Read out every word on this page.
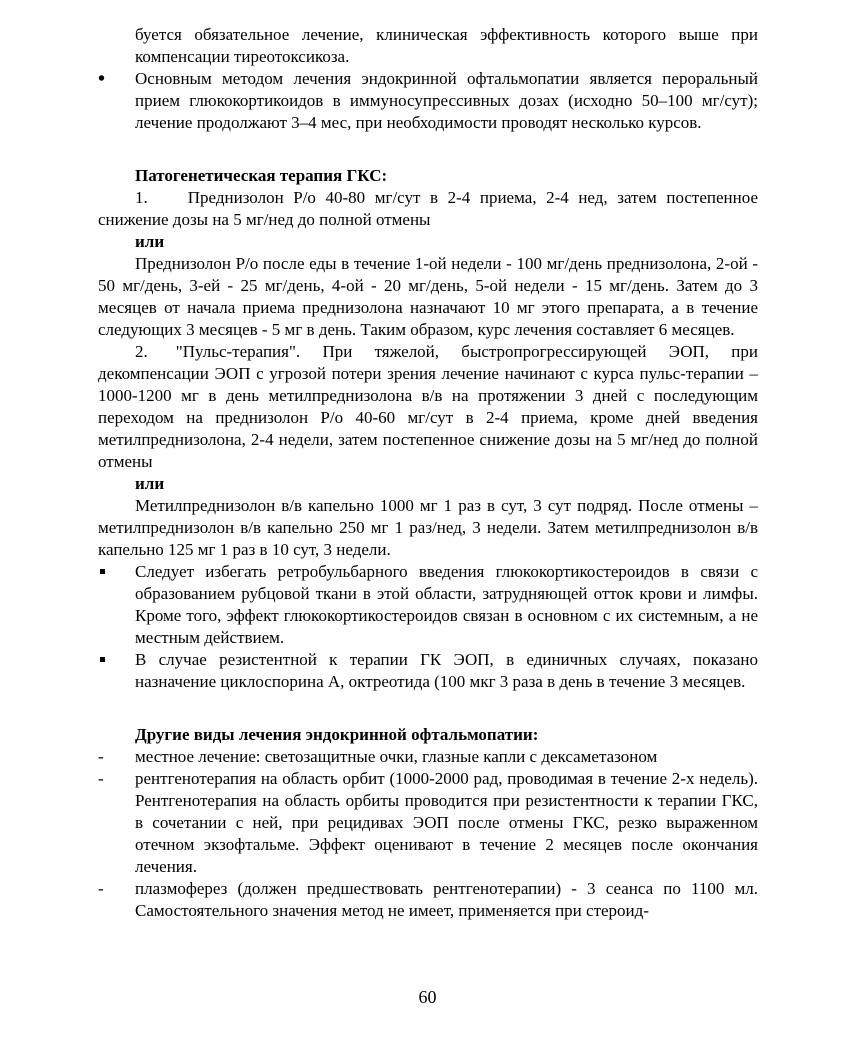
буется обязательное лечение, клиническая эффективность которого выше при компенсации тиреотоксикоза.

• Основным методом лечения эндокринной офтальмопатии является пероральный прием глюкокортикоидов в иммуносупрессивных дозах (исходно 50–100 мг/сут); лечение продолжают 3–4 мес, при необходимости проводят несколько курсов.

Патогенетическая терапия ГКС:

1. Преднизолон Р/о 40-80 мг/сут в 2-4 приема, 2-4 нед, затем постепенное снижение дозы на 5 мг/нед до полной отмены

или

Преднизолон Р/о после еды в течение 1-ой недели - 100 мг/день преднизолона, 2-ой - 50 мг/день, 3-ей - 25 мг/день, 4-ой - 20 мг/день, 5-ой недели - 15 мг/день. Затем до 3 месяцев от начала приема преднизолона назначают 10 мг этого препарата, а в течение следующих 3 месяцев - 5 мг в день. Таким образом, курс лечения составляет 6 месяцев.

2. "Пульс-терапия". При тяжелой, быстропрогрессирующей ЭОП, при декомпенсации ЭОП с угрозой потери зрения лечение начинают с курса пульс-терапии – 1000-1200 мг в день метилпреднизолона в/в на протяжении 3 дней с последующим переходом на преднизолон Р/о 40-60 мг/сут в 2-4 приема, кроме дней введения метилпреднизолона, 2-4 недели, затем постепенное снижение дозы на 5 мг/нед до полной отмены

или

Метилпреднизолон в/в капельно 1000 мг 1 раз в сут, 3 сут подряд. После отмены – метилпреднизолон в/в капельно 250 мг 1 раз/нед, 3 недели. Затем метилпреднизолон в/в капельно 125 мг 1 раз в 10 сут, 3 недели.

Следует избегать ретробульбарного введения глюкокортикостероидов в связи с образованием рубцовой ткани в этой области, затрудняющей отток крови и лимфы. Кроме того, эффект глюкокортикостероидов связан в основном с их системным, а не местным действием.
В случае резистентной к терапии ГК ЭОП, в единичных случаях, показано назначение циклоспорина А, октреотида (100 мкг 3 раза в день в течение 3 месяцев.

Другие виды лечения эндокринной офтальмопатии:

- местное лечение: светозащитные очки, глазные капли с дексаметазоном
- рентгенотерапия на область орбит (1000-2000 рад, проводимая в течение 2-х недель). Рентгенотерапия на область орбиты проводится при резистентности к терапии ГКС, в сочетании с ней, при рецидивах ЭОП после отмены ГКС, резко выраженном отечном экзофтальме. Эффект оценивают в течение 2 месяцев после окончания лечения.
- плазмоферез (должен предшествовать рентгенотерапии) - 3 сеанса по 1100 мл. Самостоятельного значения метод не имеет, применяется при стероид-
60
